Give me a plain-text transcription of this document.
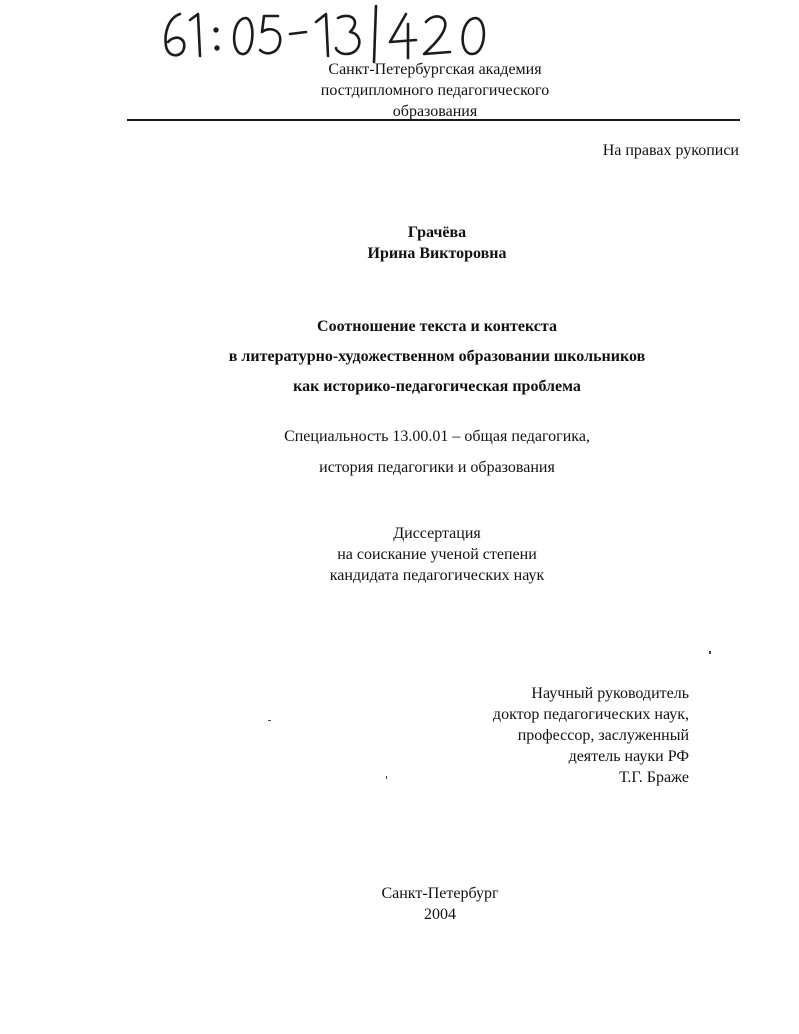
Санкт-Петербургская академия
постдипломного педагогического
образования
На правах рукописи
Грачёва
Ирина Викторовна
Соотношение текста и контекста
в литературно-художественном образовании школьников
как историко-педагогическая проблема
Специальность 13.00.01 – общая педагогика,
история педагогики и образования
Диссертация
на соискание ученой степени
кандидата педагогических наук
Научный руководитель
доктор педагогических наук,
профессор, заслуженный
деятель науки РФ
Т.Г. Браже
Санкт-Петербург
2004
